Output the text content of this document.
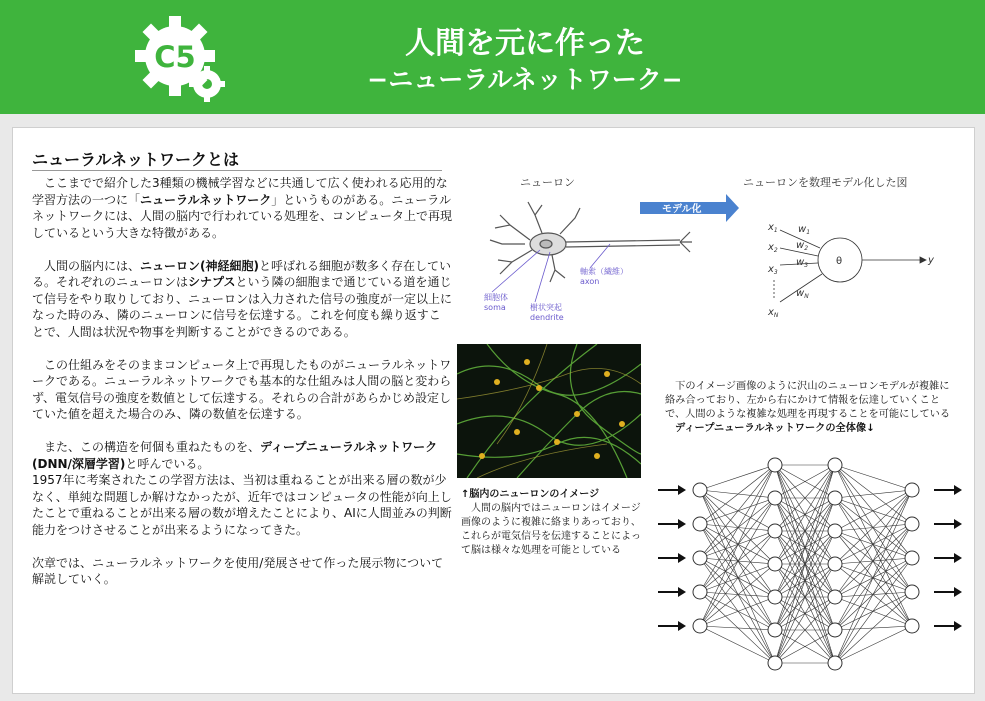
C5	人間を元に作った
−ニューラルネットワーク−
ニューラルネットワークとは

　ここまでで紹介した3種類の機械学習などに共通して広く使われる応用的な学習方法の一つに「ニューラルネットワーク」というものがある。ニューラルネットワークには、人間の脳内で行われている処理を、コンピュータ上で再現しているという大きな特徴がある。

　人間の脳内には、ニューロン(神経細胞)と呼ばれる細胞が数多く存在している。それぞれのニューロンはシナプスという隣の細胞まで通じている道を通じて信号をやり取りしており、ニューロンは入力された信号の強度が一定以上になった時のみ、隣のニューロンに信号を伝達する。これを何度も繰り返すことで、人間は状況や物事を判断することができるのである。

　この仕組みをそのままコンピュータ上で再現したものがニューラルネットワークである。ニューラルネットワークでも基本的な仕組みは人間の脳と変わらず、電気信号の強度を数値として伝達する。それらの合計があらかじめ設定していた値を超えた場合のみ、隣の数値を伝達する。

　また、この構造を何個も重ねたものを、ディープニューラルネットワーク(DNN/深層学習)と呼んでいる。
1957年に考案されたこの学習方法は、当初は重ねることが出来る層の数が少なく、単純な問題しか解けなかったが、近年ではコンピュータの性能が向上したことで重ねることが出来る層の数が増えたことにより、AIに人間並みの判断能力をつけさせることが出来るようになってきた。

次章では、ニューラルネットワークを使用/発展させて作った展示物について解説していく。

ニューロン	ニューロンを数理モデル化した図
モデル化
細胞体 soma
軸索（繊維） axon
樹状突起 dendrite
$x_1$
$x_2$
$x_3$
$x_N$
$w_1$
$w_2$
$w_3$
$w_N$
θ	y
↑脳内のニューロンのイメージ
　人間の脳内ではニューロンはイメージ画像のように複雑に絡まりあっており、これらが電気信号を伝達することによって脳は様々な処理を可能としている
　下のイメージ画像のように沢山のニューロンモデルが複雑に絡み合っており、左から右にかけて情報を伝達していくことで、人間のような複雑な処理を再現することを可能にしている
ディープニューラルネットワークの全体像↓
